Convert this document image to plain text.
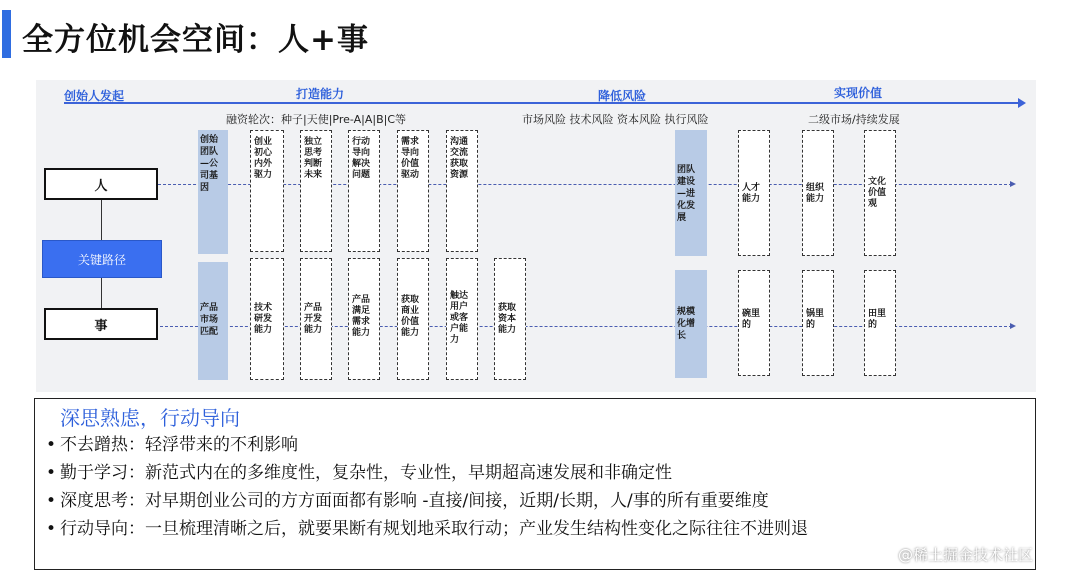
全方位机会空间：人+事
创始人发起	打造能力	降低风险	实现价值
融资轮次：种子|天使|Pre-A|A|B|C等	市场风险 技术风险 资本风险 执行风险	二级市场/持续发展
人
关键路径
事
创始团队—公司基因
创业初心内外驱力
独立思考判断未来
行动导向解决问题
需求导向价值驱动
沟通交流获取资源	团队建设—进化发展
人才能力
组织能力
文化价值观
产品市场匹配
技术研发能力
产品开发能力
产品满足需求能力
获取商业价值能力
触达用户或客户能力
获取资本能力
规模化增长
碗里的
锅里的
田里的
深思熟虑，行动导向
• 不去蹭热：轻浮带来的不利影响
• 勤于学习：新范式内在的多维度性，复杂性，专业性，早期超高速发展和非确定性
• 深度思考：对早期创业公司的方方面面都有影响 -直接/间接，近期/长期，人/事的所有重要维度
• 行动导向：一旦梳理清晰之后，就要果断有规划地采取行动；产业发生结构性变化之际往往不进则退
@稀土掘金技术社区
